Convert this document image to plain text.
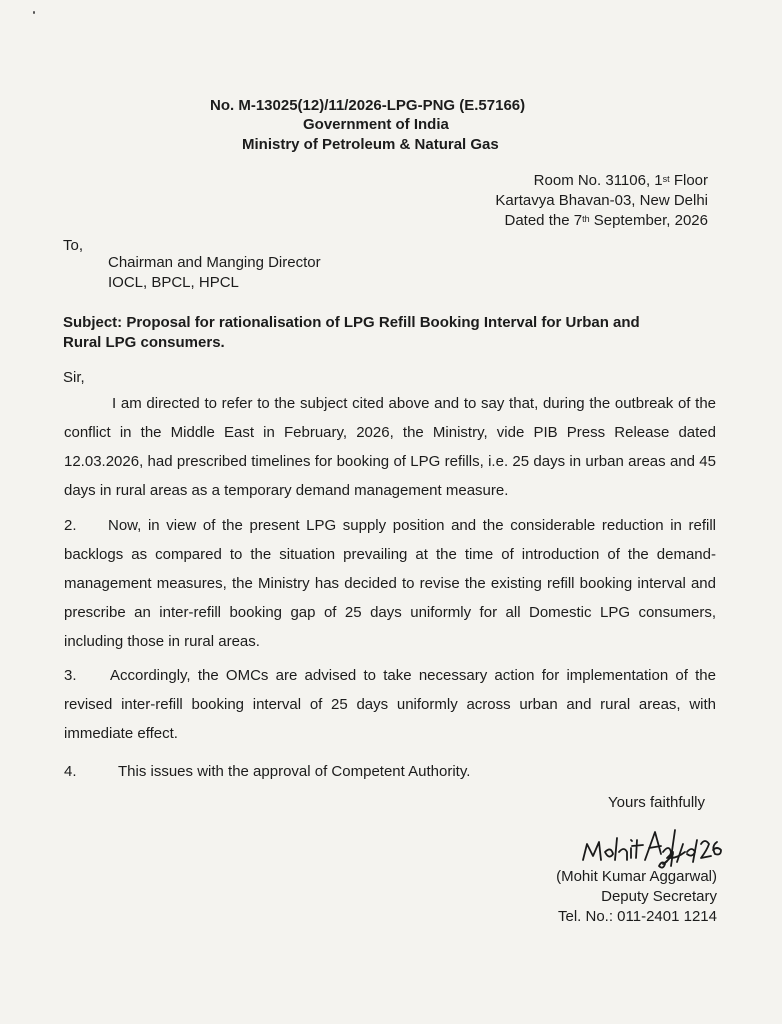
No. M-13025(12)/11/2026-LPG-PNG (E.57166)
Government of India
Ministry of Petroleum & Natural Gas
Room No. 31106, 1st Floor
Kartavya Bhavan-03, New Delhi
Dated the 7th September, 2026
To,
Chairman and Manging Director
IOCL, BPCL, HPCL
Subject: Proposal for rationalisation of LPG Refill Booking Interval for Urban and
Rural LPG consumers.
Sir,
I am directed to refer to the subject cited above and to say that, during the outbreak of the conflict in the Middle East in February, 2026, the Ministry, vide PIB Press Release dated 12.03.2026, had prescribed timelines for booking of LPG refills, i.e. 25 days in urban areas and 45 days in rural areas as a temporary demand management measure.
2. Now, in view of the present LPG supply position and the considerable reduction in refill backlogs as compared to the situation prevailing at the time of introduction of the demand-management measures, the Ministry has decided to revise the existing refill booking interval and prescribe an inter-refill booking gap of 25 days uniformly for all Domestic LPG consumers, including those in rural areas.
3. Accordingly, the OMCs are advised to take necessary action for implementation of the revised inter-refill booking interval of 25 days uniformly across urban and rural areas, with immediate effect.
4.	This issues with the approval of Competent Authority.
Yours faithfully
(Mohit Kumar Aggarwal)
Deputy Secretary
Tel. No.: 011-2401 1214
